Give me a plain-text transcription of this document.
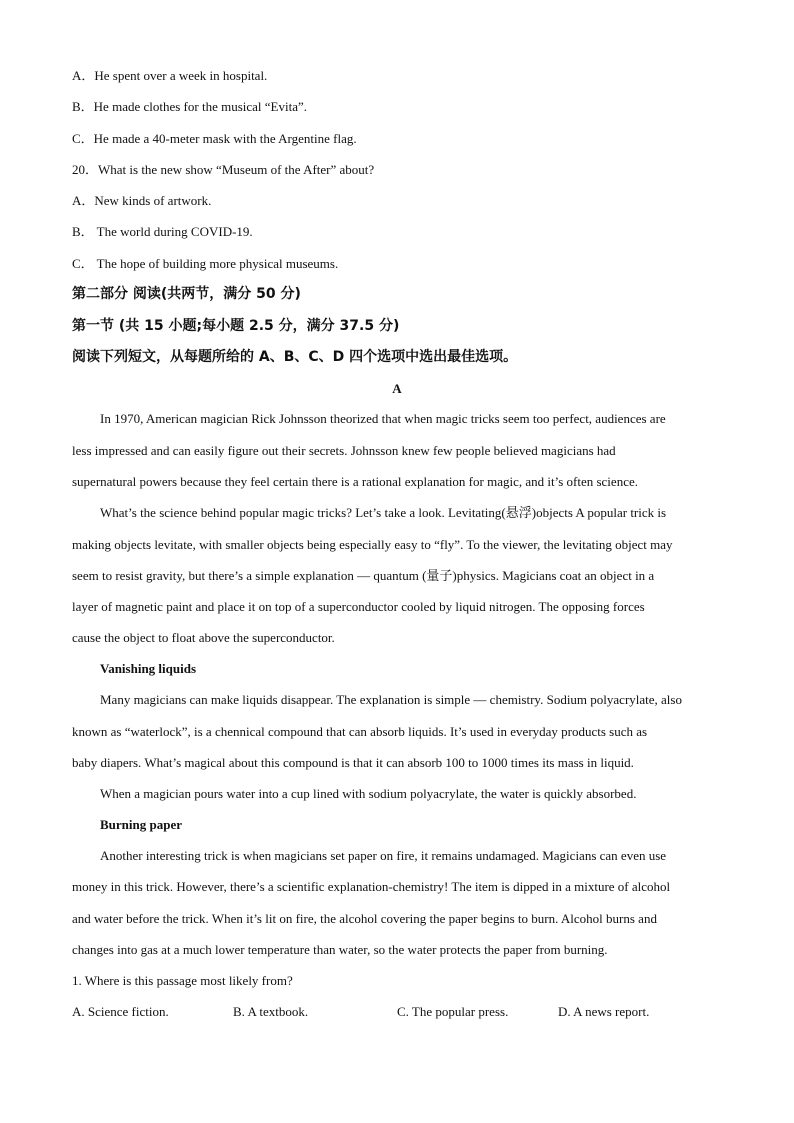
A．He spent over a week in hospital.
B．He made clothes for the musical “Evita”.
C．He made a 40-meter mask with the Argentine flag.
20．What is the new show “Museum of the After” about?
A．New kinds of artwork.
B． The world during COVID-19.
C． The hope of building more physical museums.
第二部分 阅读(共两节，满分 50 分)
第一节 (共 15 小题;每小题 2.5 分，满分 37.5 分)
阅读下列短文，从每题所给的 A、B、C、D 四个选项中选出最佳选项。
A
In 1970, American magician Rick Johnsson theorized that when magic tricks seem too perfect, audiences are
less impressed and can easily figure out their secrets. Johnsson knew few people believed magicians had
supernatural powers because they feel certain there is a rational explanation for magic, and it’s often science.
What’s the science behind popular magic tricks? Let’s take a look. Levitating(悬浮)objects A popular trick is
making objects levitate, with smaller objects being especially easy to “fly”. To the viewer, the levitating object may
seem to resist gravity, but there’s a simple explanation — quantum (量子)physics. Magicians coat an object in a
layer of magnetic paint and place it on top of a superconductor cooled by liquid nitrogen. The opposing forces
cause the object to float above the superconductor.
Vanishing liquids
Many magicians can make liquids disappear. The explanation is simple — chemistry. Sodium polyacrylate, also
known as “waterlock”, is a chennical compound that can absorb liquids. It’s used in everyday products such as
baby diapers. What’s magical about this compound is that it can absorb 100 to 1000 times its mass in liquid.
When a magician pours water into a cup lined with sodium polyacrylate, the water is quickly absorbed.
Burning paper
Another interesting trick is when magicians set paper on fire, it remains undamaged. Magicians can even use
money in this trick. However, there’s a scientific explanation-chemistry! The item is dipped in a mixture of alcohol
and water before the trick. When it’s lit on fire, the alcohol covering the paper begins to burn. Alcohol burns and
changes into gas at a much lower temperature than water, so the water protects the paper from burning.
1. Where is this passage most likely from?
A. Science fiction.	B. A textbook.	C. The popular press.	D. A news report.
